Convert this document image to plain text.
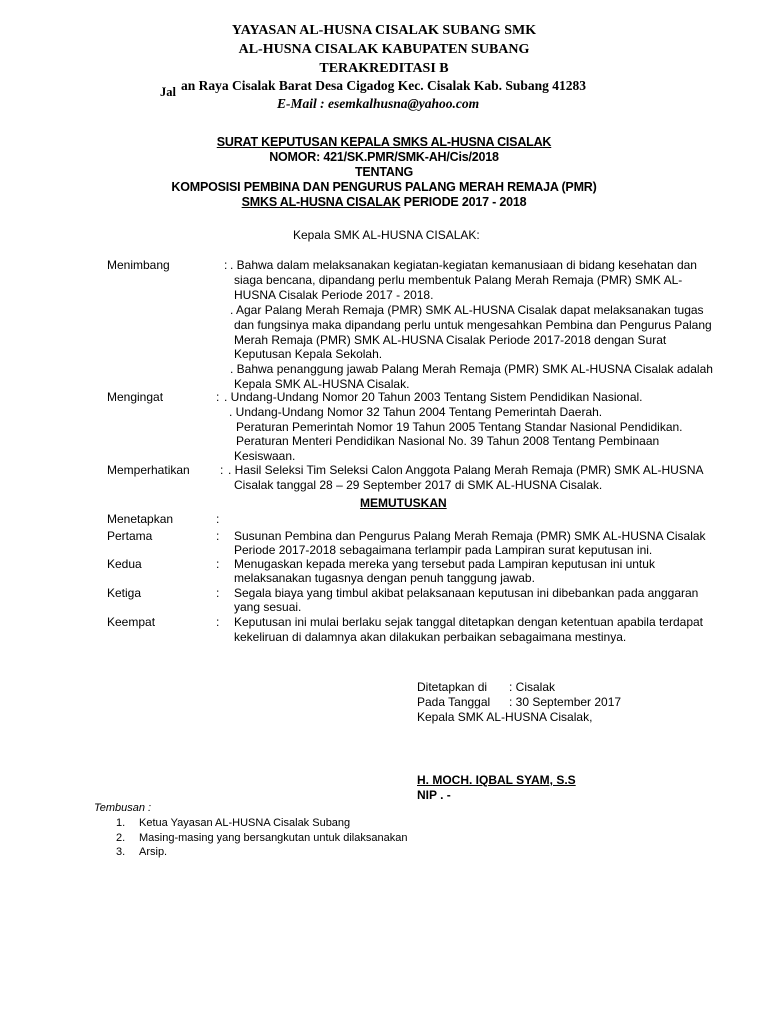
YAYASAN AL-HUSNA CISALAK SUBANG SMK
AL-HUSNA CISALAK KABUPATEN SUBANG
TERAKREDITASI B
Jal an Raya Cisalak Barat Desa Cigadog Kec. Cisalak Kab. Subang 41283
E-Mail : esemkalhusna@yahoo.com
SURAT KEPUTUSAN KEPALA SMKS AL-HUSNA CISALAK
NOMOR: 421/SK.PMR/SMK-AH/Cis/2018
TENTANG
KOMPOSISI PEMBINA DAN PENGURUS PALANG MERAH REMAJA (PMR)
SMKS AL-HUSNA CISALAK PERIODE 2017 - 2018
Kepala SMK AL-HUSNA CISALAK:
Menimbang	: . Bahwa dalam melaksanakan kegiatan-kegiatan kemanusiaan di bidang kesehatan dan
siaga bencana, dipandang perlu membentuk Palang Merah Remaja (PMR) SMK AL-
HUSNA Cisalak Periode 2017 - 2018.
. Agar Palang Merah Remaja (PMR) SMK AL-HUSNA Cisalak dapat melaksanakan tugas
dan fungsinya maka dipandang perlu untuk mengesahkan Pembina dan Pengurus Palang
Merah Remaja (PMR) SMK AL-HUSNA Cisalak Periode 2017-2018 dengan Surat
Keputusan Kepala Sekolah.
. Bahwa penanggung jawab Palang Merah Remaja (PMR) SMK AL-HUSNA Cisalak adalah
Kepala SMK AL-HUSNA Cisalak.
Mengingat	: . Undang-Undang Nomor 20 Tahun 2003 Tentang Sistem Pendidikan Nasional.
. Undang-Undang Nomor 32 Tahun 2004 Tentang Pemerintah Daerah.
Peraturan Pemerintah Nomor 19 Tahun 2005 Tentang Standar Nasional Pendidikan.
Peraturan Menteri Pendidikan Nasional No. 39 Tahun 2008 Tentang Pembinaan
Kesiswaan.
Memperhatikan	: . Hasil Seleksi Tim Seleksi Calon Anggota Palang Merah Remaja (PMR) SMK AL-HUSNA
Cisalak tanggal 28 – 29 September 2017 di SMK AL-HUSNA Cisalak.
MEMUTUSKAN
Menetapkan	:
Pertama	: Susunan Pembina dan Pengurus Palang Merah Remaja (PMR) SMK AL-HUSNA Cisalak
Periode 2017-2018 sebagaimana terlampir pada Lampiran surat keputusan ini.
Kedua	: Menugaskan kepada mereka yang tersebut pada Lampiran keputusan ini untuk
melaksanakan tugasnya dengan penuh tanggung jawab.
Ketiga	: Segala biaya yang timbul akibat pelaksanaan keputusan ini dibebankan pada anggaran
yang sesuai.
Keempat	: Keputusan ini mulai berlaku sejak tanggal ditetapkan dengan ketentuan apabila terdapat
kekeliruan di dalamnya akan dilakukan perbaikan sebagaimana mestinya.
Ditetapkan di : Cisalak
Pada Tanggal : 30 September 2017
Kepala SMK AL-HUSNA Cisalak,
H. MOCH. IQBAL SYAM, S.S
NIP . -
Tembusan :
1. Ketua Yayasan AL-HUSNA Cisalak Subang
2. Masing-masing yang bersangkutan untuk dilaksanakan
3. Arsip.
